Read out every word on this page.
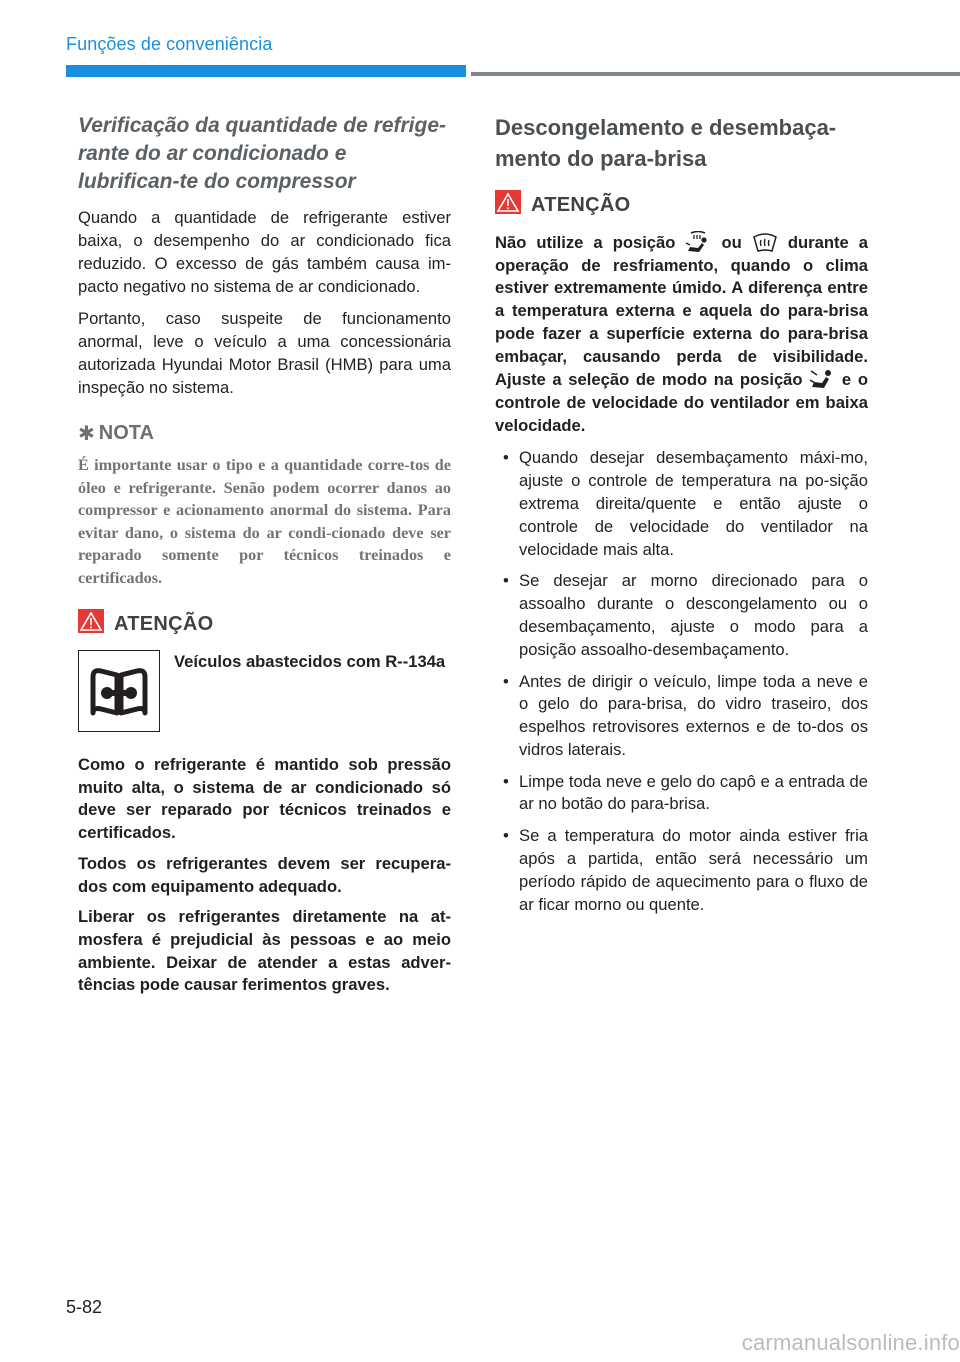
Funções de conveniência

Verificação da quantidade de refrige-rante do ar condicionado e lubrifican-te do compressor

Quando a quantidade de refrigerante estiver baixa, o desempenho do ar condicionado fica reduzido. O excesso de gás também causa im-pacto negativo no sistema de ar condicionado.

Portanto, caso suspeite de funcionamento anormal, leve o veículo a uma concessionária autorizada Hyundai Motor Brasil (HMB) para uma inspeção no sistema.

✱ NOTA

É importante usar o tipo e a quantidade corre-tos de óleo e refrigerante. Senão podem ocorrer danos ao compressor e acionamento anormal do sistema. Para evitar dano, o sistema do ar condi-cionado deve ser reparado somente por técnicos treinados e certificados.

ATENÇÃO

Veículos abastecidos com R--134a

Como o refrigerante é mantido sob pressão muito alta, o sistema de ar condicionado só deve ser reparado por técnicos treinados e certificados.

Todos os refrigerantes devem ser recupera-dos com equipamento adequado.

Liberar os refrigerantes diretamente na at-mosfera é prejudicial às pessoas e ao meio ambiente. Deixar de atender a estas adver-tências pode causar ferimentos graves.

Descongelamento e desembaça-mento do para-brisa

ATENÇÃO

Não utilize a posição	ou	durante a operação de resfriamento, quando o clima estiver extremamente úmido. A diferença entre a temperatura externa e aquela do para-brisa pode fazer a superfície externa do para-brisa embaçar, causando perda de visibilidade. Ajuste a seleção de modo na posição e o controle de velocidade do ventilador em baixa velocidade.

• Quando desejar desembaçamento máxi-mo, ajuste o controle de temperatura na po-sição extrema direita/quente e então ajuste o controle de velocidade do ventilador na velocidade mais alta.
• Se desejar ar morno direcionado para o assoalho durante o descongelamento ou o desembaçamento, ajuste o modo para a posição assoalho-desembaçamento.
• Antes de dirigir o veículo, limpe toda a neve e o gelo do para-brisa, do vidro traseiro, dos espelhos retrovisores externos e de to-dos os vidros laterais.
• Limpe toda neve e gelo do capô e a entrada de ar no botão do para-brisa.
• Se a temperatura do motor ainda estiver fria após a partida, então será necessário um período rápido de aquecimento para o fluxo de ar ficar morno ou quente.
5-82
carmanualsonline.info
